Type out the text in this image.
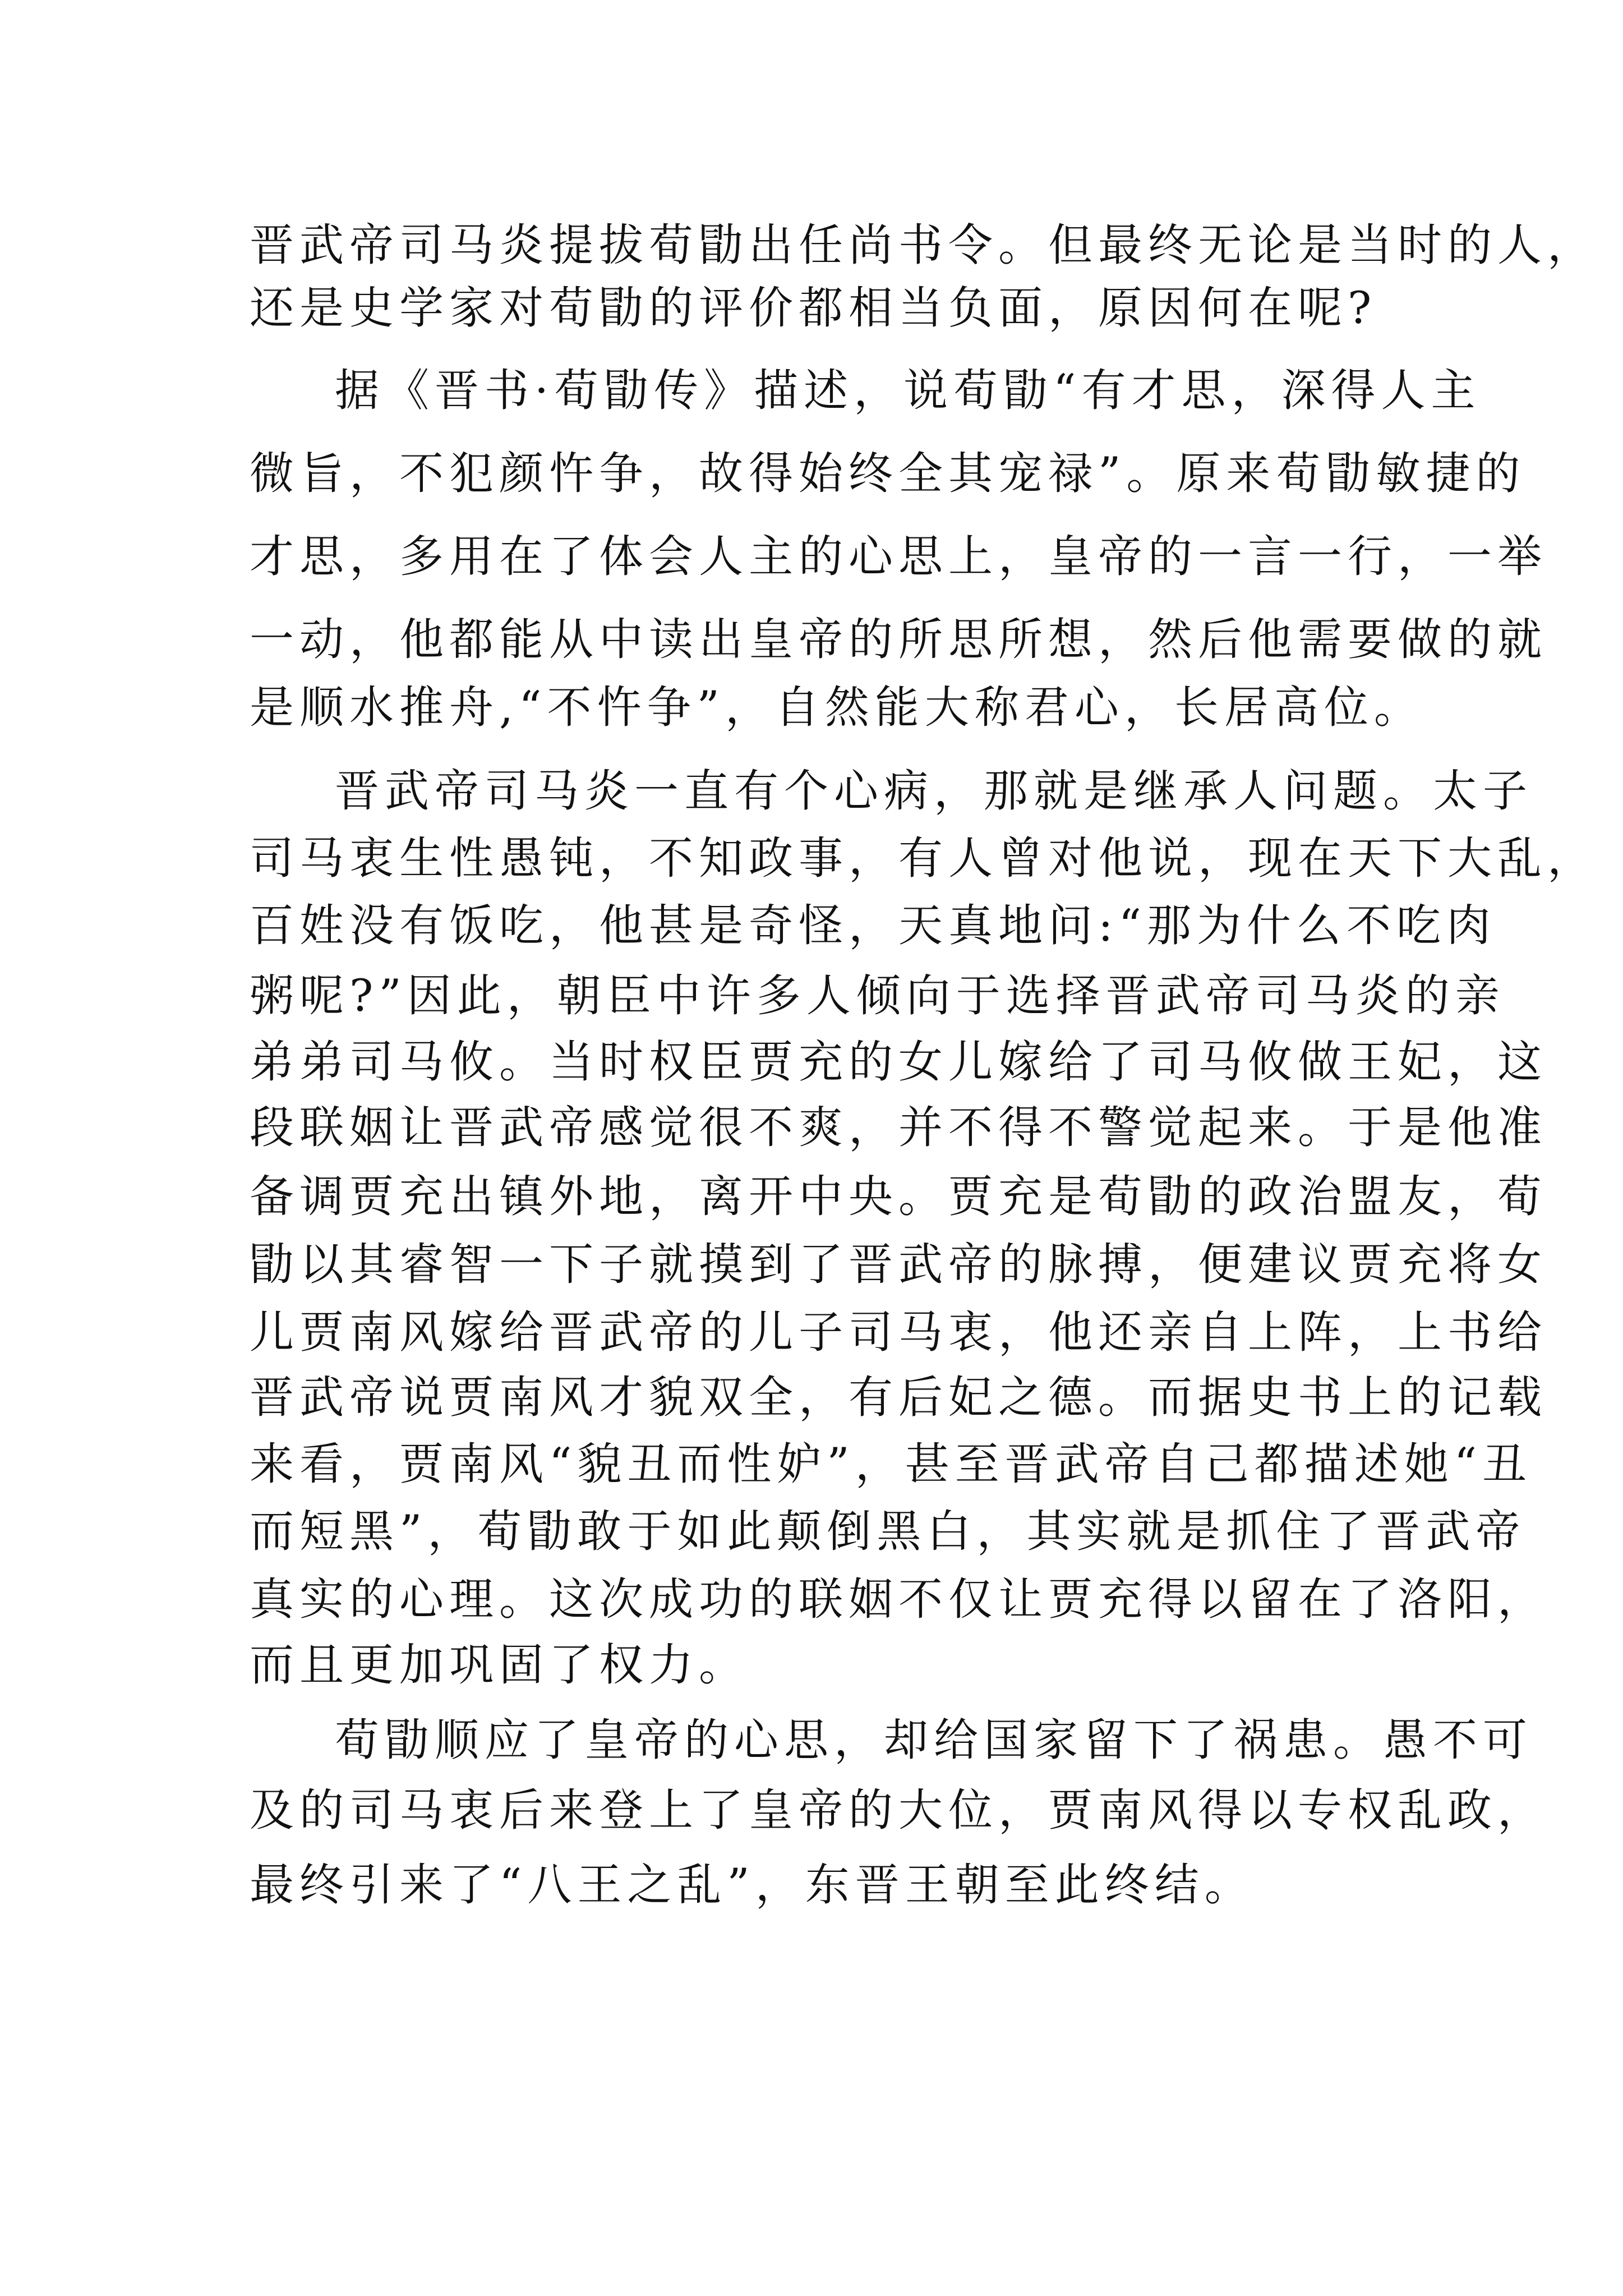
晋武帝司马炎提拔荀勖出任尚书令。但最终无论是当时的人，
还是史学家对荀勖的评价都相当负面，原因何在呢?
据《晋书·荀勖传》描述，说荀勖“有才思，深得人主
微旨，不犯颜忤争，故得始终全其宠禄”。原来荀勖敏捷的
才思，多用在了体会人主的心思上，皇帝的一言一行，一举
一动，他都能从中读出皇帝的所思所想，然后他需要做的就
是顺水推舟,“不忤争”，自然能大称君心，长居高位。
晋武帝司马炎一直有个心病，那就是继承人问题。太子
司马衷生性愚钝，不知政事，有人曾对他说，现在天下大乱，
百姓没有饭吃，他甚是奇怪，天真地问:“那为什么不吃肉
粥呢?”因此，朝臣中许多人倾向于选择晋武帝司马炎的亲
弟弟司马攸。当时权臣贾充的女儿嫁给了司马攸做王妃，这
段联姻让晋武帝感觉很不爽，并不得不警觉起来。于是他准
备调贾充出镇外地，离开中央。贾充是荀勖的政治盟友，荀
勖以其睿智一下子就摸到了晋武帝的脉搏，便建议贾充将女
儿贾南风嫁给晋武帝的儿子司马衷，他还亲自上阵，上书给
晋武帝说贾南风才貌双全，有后妃之德。而据史书上的记载
来看，贾南风“貌丑而性妒”，甚至晋武帝自己都描述她“丑
而短黑”，荀勖敢于如此颠倒黑白，其实就是抓住了晋武帝
真实的心理。这次成功的联姻不仅让贾充得以留在了洛阳，
而且更加巩固了权力。
荀勖顺应了皇帝的心思，却给国家留下了祸患。愚不可
及的司马衷后来登上了皇帝的大位，贾南风得以专权乱政，
最终引来了“八王之乱”，东晋王朝至此终结。
